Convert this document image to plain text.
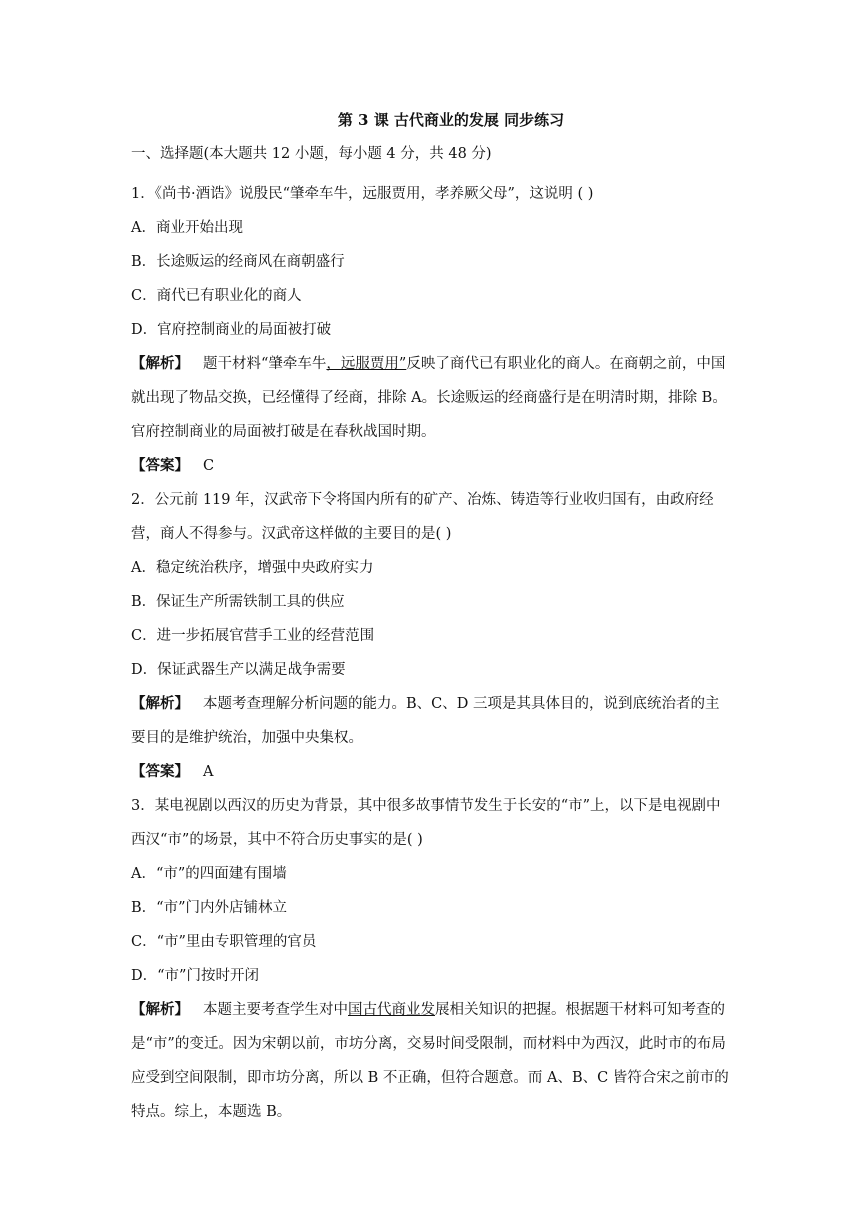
第 3 课 古代商业的发展 同步练习
一、选择题(本大题共 12 小题，每小题 4 分，共 48 分)
1．《尚书·酒诰》说殷民“肇牵车牛，远服贾用，孝养厥父母”，这说明 ( )
A．商业开始出现
B．长途贩运的经商风在商朝盛行
C．商代已有职业化的商人
D．官府控制商业的局面被打破
【解析】 题干材料“肇牵车牛，远服贾用”反映了商代已有职业化的商人。在商朝之前，中国就出现了物品交换，已经懂得了经商，排除 A。长途贩运的经商盛行是在明清时期，排除 B。官府控制商业的局面被打破是在春秋战国时期。
【答案】 C
2．公元前 119 年，汉武帝下令将国内所有的矿产、冶炼、铸造等行业收归国有，由政府经营，商人不得参与。汉武帝这样做的主要目的是( )
A．稳定统治秩序，增强中央政府实力
B．保证生产所需铁制工具的供应
C．进一步拓展官营手工业的经营范围
D．保证武器生产以满足战争需要
【解析】 本题考查理解分析问题的能力。B、C、D 三项是其具体目的，说到底统治者的主要目的是维护统治，加强中央集权。
【答案】 A
3．某电视剧以西汉的历史为背景，其中很多故事情节发生于长安的“市”上，以下是电视剧中西汉“市”的场景，其中不符合历史事实的是( )
A．“市”的四面建有围墙
B．“市”门内外店铺林立
C．“市”里由专职管理的官员
D．“市”门按时开闭
【解析】 本题主要考查学生对中国古代商业发展相关知识的把握。根据题干材料可知考查的是“市”的变迁。因为宋朝以前，市坊分离，交易时间受限制，而材料中为西汉，此时市的布局应受到空间限制，即市坊分离，所以 B 不正确，但符合题意。而 A、B、C 皆符合宋之前市的特点。综上，本题选 B。
